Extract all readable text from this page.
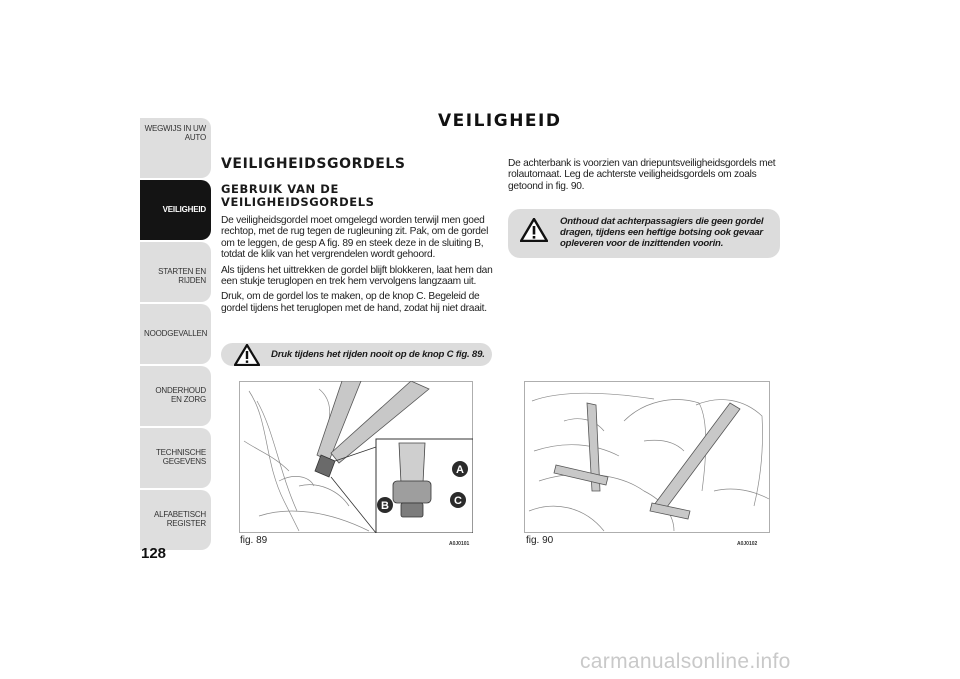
WEGWIJS IN UW AUTO
VEILIGHEID
STARTEN EN RIJDEN
NOODGEVALLEN
ONDERHOUD EN ZORG
TECHNISCHE GEGEVENS
ALFABETISCH REGISTER
128
VEILIGHEID
VEILIGHEIDSGORDELS
GEBRUIK VAN DE VEILIGHEIDSGORDELS

De veiligheidsgordel moet omgelegd worden terwijl men goed rechtop, met de rug tegen de rugleuning zit. Pak, om de gordel om te leggen, de gesp A fig. 89 en steek deze in de sluiting B, totdat de klik van het vergrendelen wordt gehoord.

Als tijdens het uittrekken de gordel blijft blokkeren, laat hem dan een stukje teruglopen en trek hem vervolgens langzaam uit.

Druk, om de gordel los te maken, op de knop C. Begeleid de gordel tijdens het teruglopen met de hand, zodat hij niet draait.

Druk tijdens het rijden nooit op de knop C fig. 89.

De achterbank is voorzien van driepuntsveiligheidsgordels met rolautomaat. Leg de achterste veiligheidsgordels om zoals getoond in fig. 90.

Onthoud dat achterpassagiers die geen gordel dragen, tijdens een heftige botsing ook gevaar opleveren voor de inzittenden voorin.
A
B	C
fig. 89	A0J0101	fig. 90	A0J0102
carmanualsonline.info
